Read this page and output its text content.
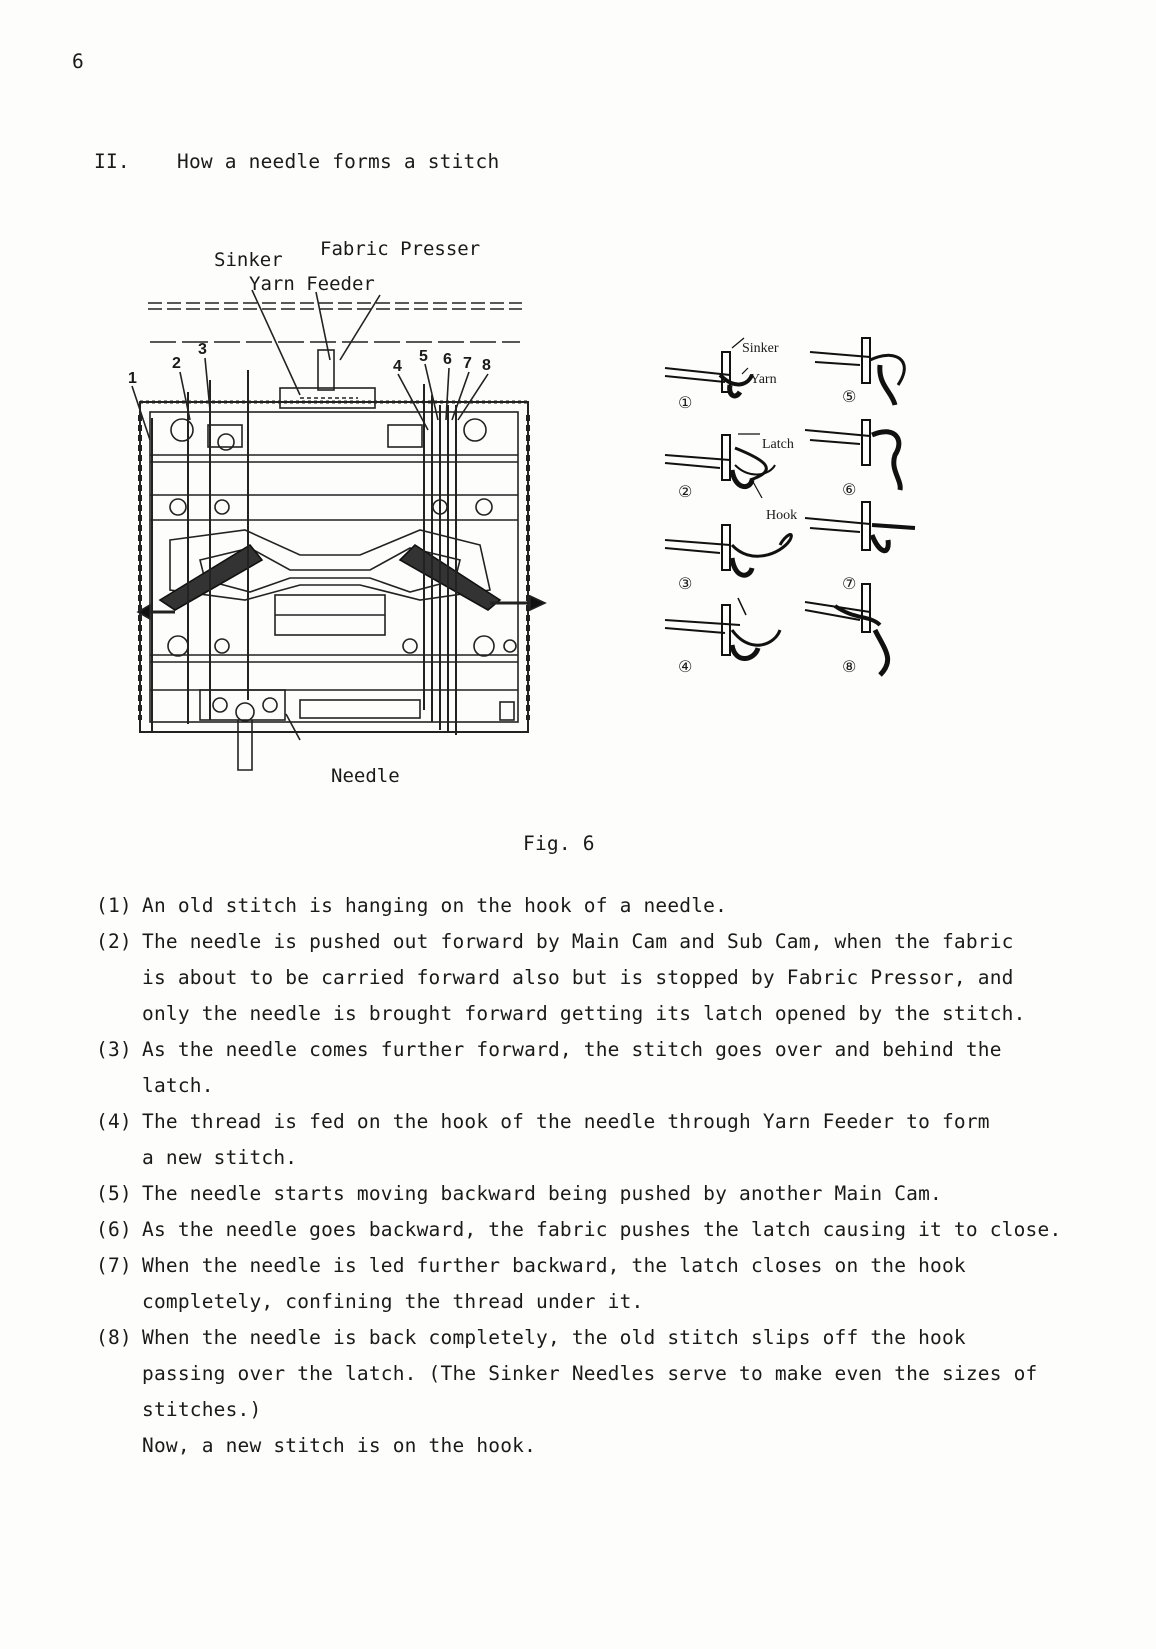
6
II. How a needle forms a stitch
Sinker Fabric Presser
Yarn Feeder
Needle
1
2
3
4
5 6 7 8
Sinker
Yarn
Latch
Hook
①
②
③
④
⑤
⑥
⑦
⑧
Fig. 6
(1) An old stitch is hanging on the hook of a needle.
(2) The needle is pushed out forward by Main Cam and Sub Cam, when the fabric
is about to be carried forward also but is stopped by Fabric Pressor, and
only the needle is brought forward getting its latch opened by the stitch.
(3) As the needle comes further forward, the stitch goes over and behind the
latch.
(4) The thread is fed on the hook of the needle through Yarn Feeder to form
a new stitch.
(5) The needle starts moving backward being pushed by another Main Cam.
(6) As the needle goes backward, the fabric pushes the latch causing it to close.
(7) When the needle is led further backward, the latch closes on the hook
completely, confining the thread under it.
(8) When the needle is back completely, the old stitch slips off the hook
passing over the latch. (The Sinker Needles serve to make even the sizes of
stitches.)
Now, a new stitch is on the hook.
